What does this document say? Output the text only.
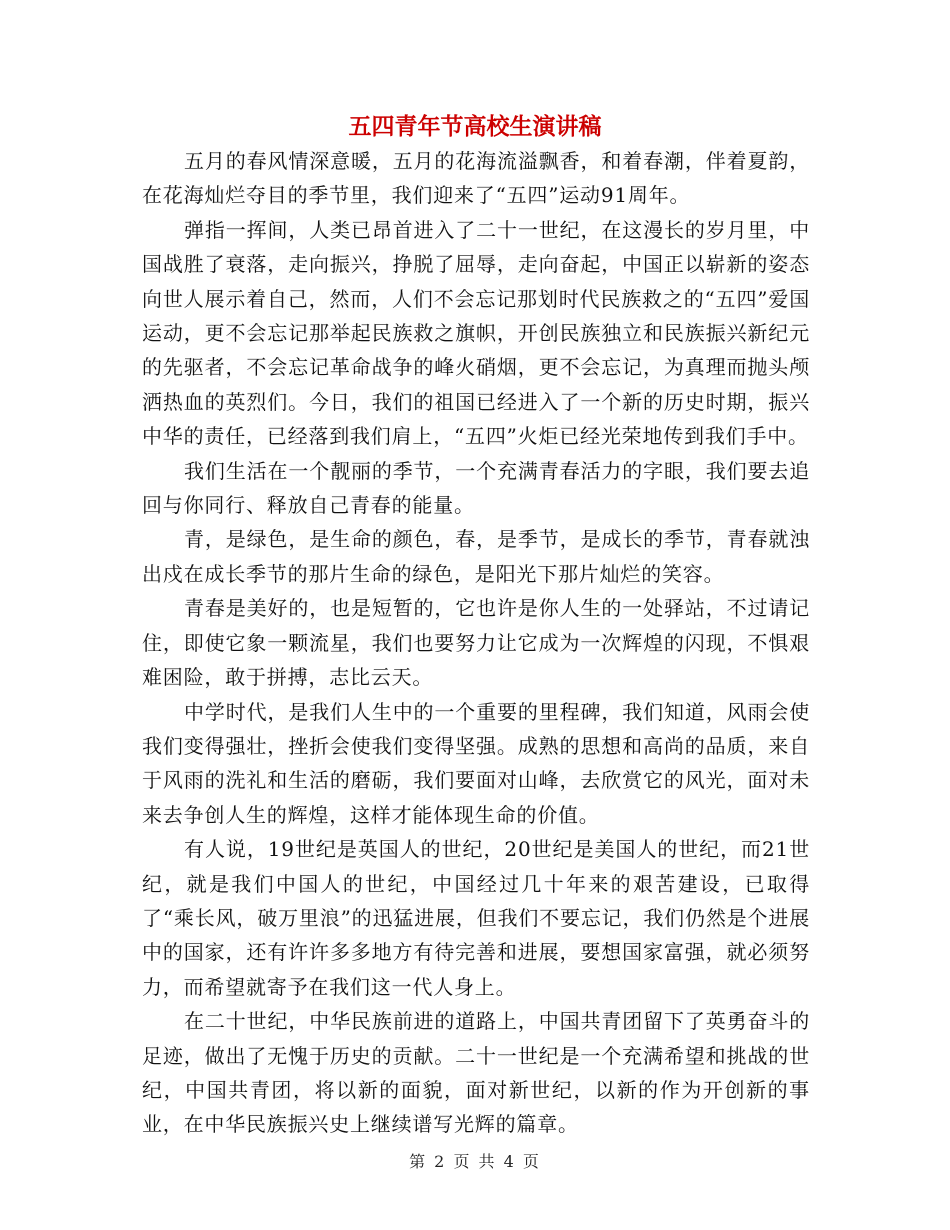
五四青年节高校生演讲稿

五月的春风情深意暖，五月的花海流溢飘香，和着春潮，伴着夏韵，在花海灿烂夺目的季节里，我们迎来了“五四”运动91周年。

弹指一挥间，人类已昂首进入了二十一世纪，在这漫长的岁月里，中国战胜了衰落，走向振兴，挣脱了屈辱，走向奋起，中国正以崭新的姿态向世人展示着自己，然而，人们不会忘记那划时代民族救之的“五四”爱国运动，更不会忘记那举起民族救之旗帜，开创民族独立和民族振兴新纪元的先驱者，不会忘记革命战争的峰火硝烟，更不会忘记，为真理而抛头颅洒热血的英烈们。今日，我们的祖国已经进入了一个新的历史时期，振兴中华的责任，已经落到我们肩上，“五四”火炬已经光荣地传到我们手中。

我们生活在一个靓丽的季节，一个充满青春活力的字眼，我们要去追回与你同行、释放自己青春的能量。

青，是绿色，是生命的颜色，春，是季节，是成长的季节，青春就浊出戍在成长季节的那片生命的绿色，是阳光下那片灿烂的笑容。

青春是美好的，也是短暂的，它也许是你人生的一处驿站，不过请记住，即使它象一颗流星，我们也要努力让它成为一次辉煌的闪现，不惧艰难困险，敢于拼搏，志比云天。

中学时代，是我们人生中的一个重要的里程碑，我们知道，风雨会使我们变得强壮，挫折会使我们变得坚强。成熟的思想和高尚的品质，来自于风雨的洗礼和生活的磨砺，我们要面对山峰，去欣赏它的风光，面对未来去争创人生的辉煌，这样才能体现生命的价值。

有人说，19世纪是英国人的世纪，20世纪是美国人的世纪，而21世纪，就是我们中国人的世纪，中国经过几十年来的艰苦建设，已取得了“乘长风，破万里浪”的迅猛进展，但我们不要忘记，我们仍然是个进展中的国家，还有许许多多地方有待完善和进展，要想国家富强，就必须努力，而希望就寄予在我们这一代人身上。

在二十世纪，中华民族前进的道路上，中国共青团留下了英勇奋斗的足迹，做出了无愧于历史的贡献。二十一世纪是一个充满希望和挑战的世纪，中国共青团，将以新的面貌，面对新世纪，以新的作为开创新的事业，在中华民族振兴史上继续谱写光辉的篇章。

第 2 页 共 4 页
